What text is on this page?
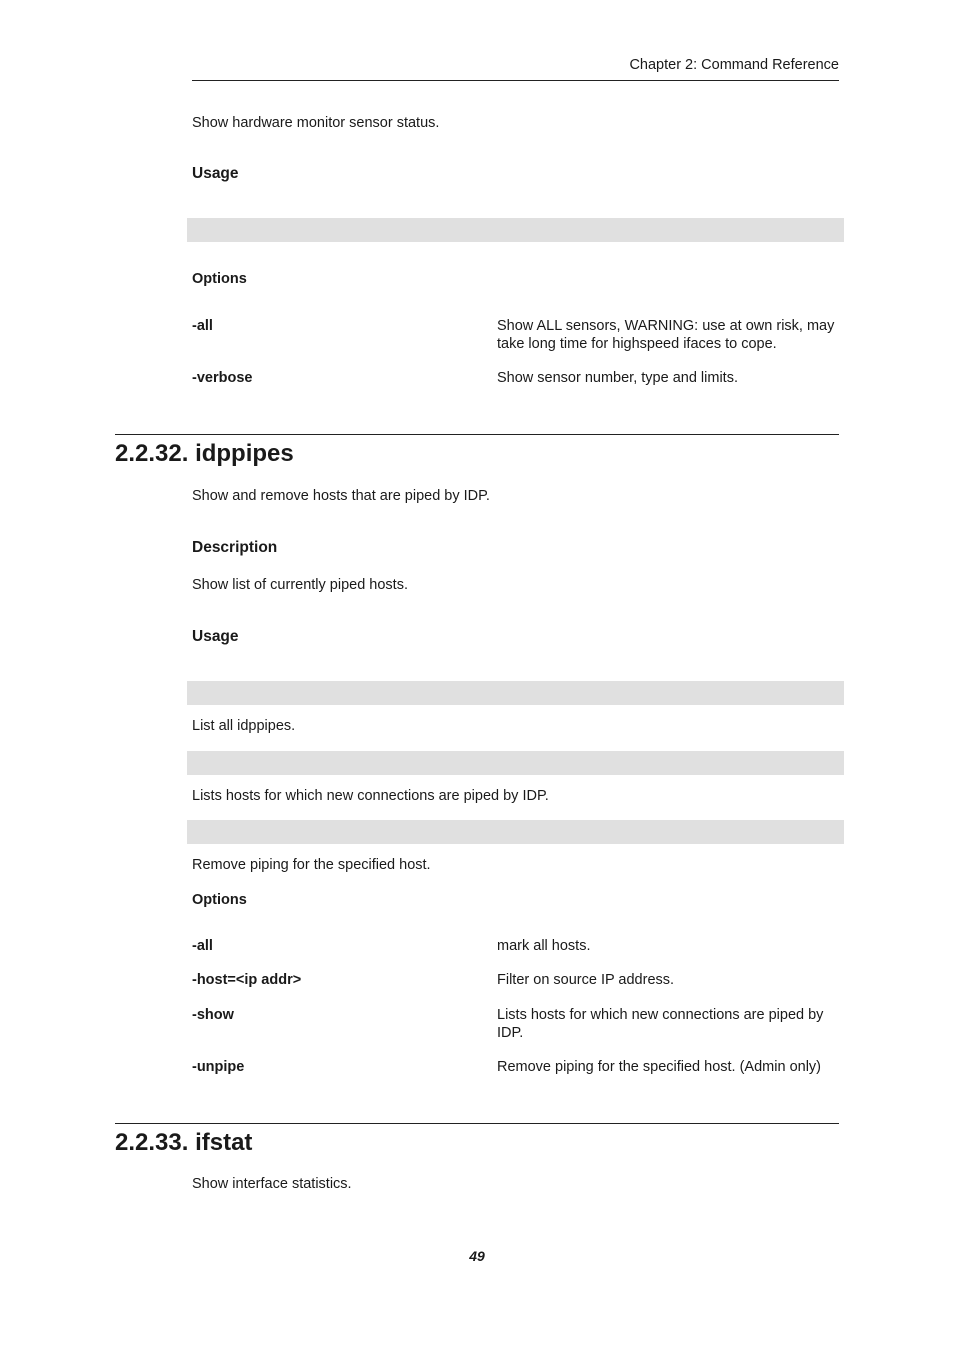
Chapter 2: Command Reference
Show hardware monitor sensor status.
Usage
Options
-all	Show ALL sensors, WARNING: use at own risk, may take long time for highspeed ifaces to cope.
-verbose	Show sensor number, type and limits.
2.2.32. idppipes
Show and remove hosts that are piped by IDP.
Description
Show list of currently piped hosts.
Usage
List all idppipes.
Lists hosts for which new connections are piped by IDP.
Remove piping for the specified host.
Options
-all	mark all hosts.
-host=<ip addr>	Filter on source IP address.
-show	Lists hosts for which new connections are piped by IDP.
-unpipe	Remove piping for the specified host. (Admin only)
2.2.33. ifstat
Show interface statistics.
49
